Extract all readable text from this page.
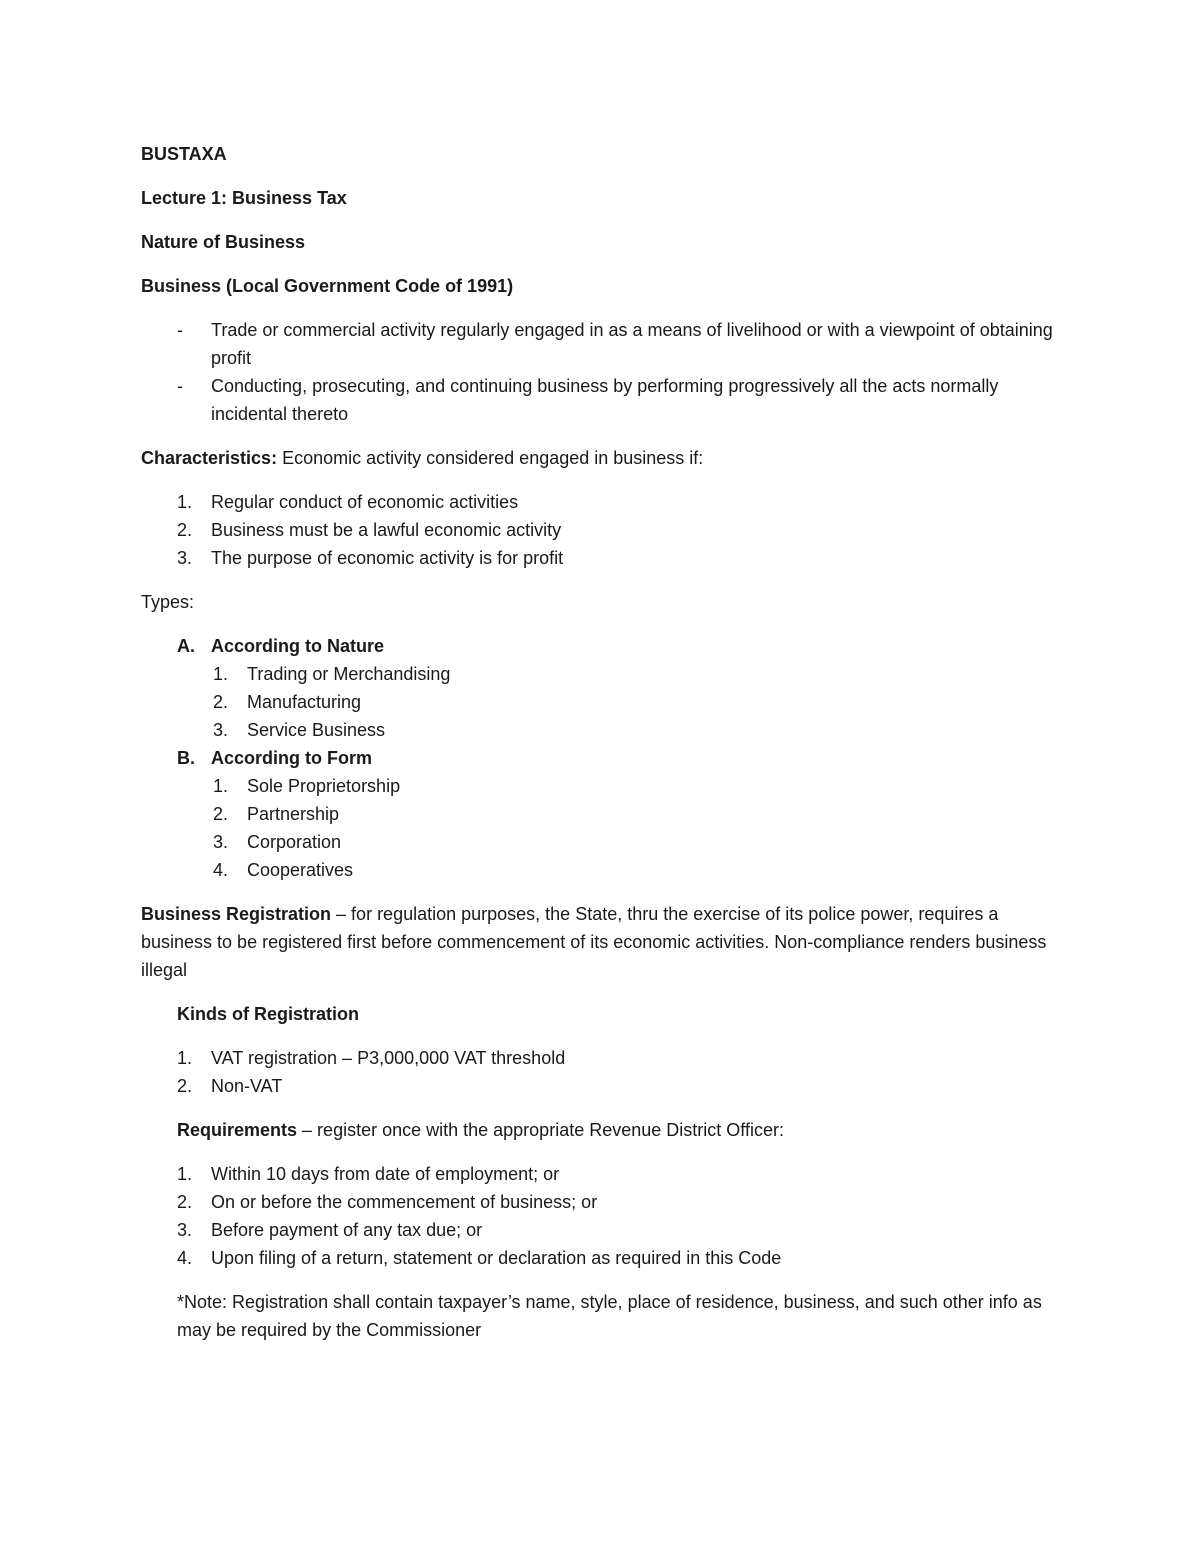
BUSTAXA

Lecture 1: Business Tax

Nature of Business

Business (Local Government Code of 1991)

- Trade or commercial activity regularly engaged in as a means of livelihood or with a viewpoint of obtaining profit
- Conducting, prosecuting, and continuing business by performing progressively all the acts normally incidental thereto

Characteristics: Economic activity considered engaged in business if:

1. Regular conduct of economic activities
2. Business must be a lawful economic activity
3. The purpose of economic activity is for profit

Types:

A. According to Nature
1. Trading or Merchandising
2. Manufacturing
3. Service Business
B. According to Form
1. Sole Proprietorship
2. Partnership
3. Corporation
4. Cooperatives

Business Registration – for regulation purposes, the State, thru the exercise of its police power, requires a business to be registered first before commencement of its economic activities. Non-compliance renders business illegal

Kinds of Registration

1. VAT registration – P3,000,000 VAT threshold
2. Non-VAT

Requirements – register once with the appropriate Revenue District Officer:

1. Within 10 days from date of employment; or
2. On or before the commencement of business; or
3. Before payment of any tax due; or
4. Upon filing of a return, statement or declaration as required in this Code

*Note: Registration shall contain taxpayer’s name, style, place of residence, business, and such other info as may be required by the Commissioner
